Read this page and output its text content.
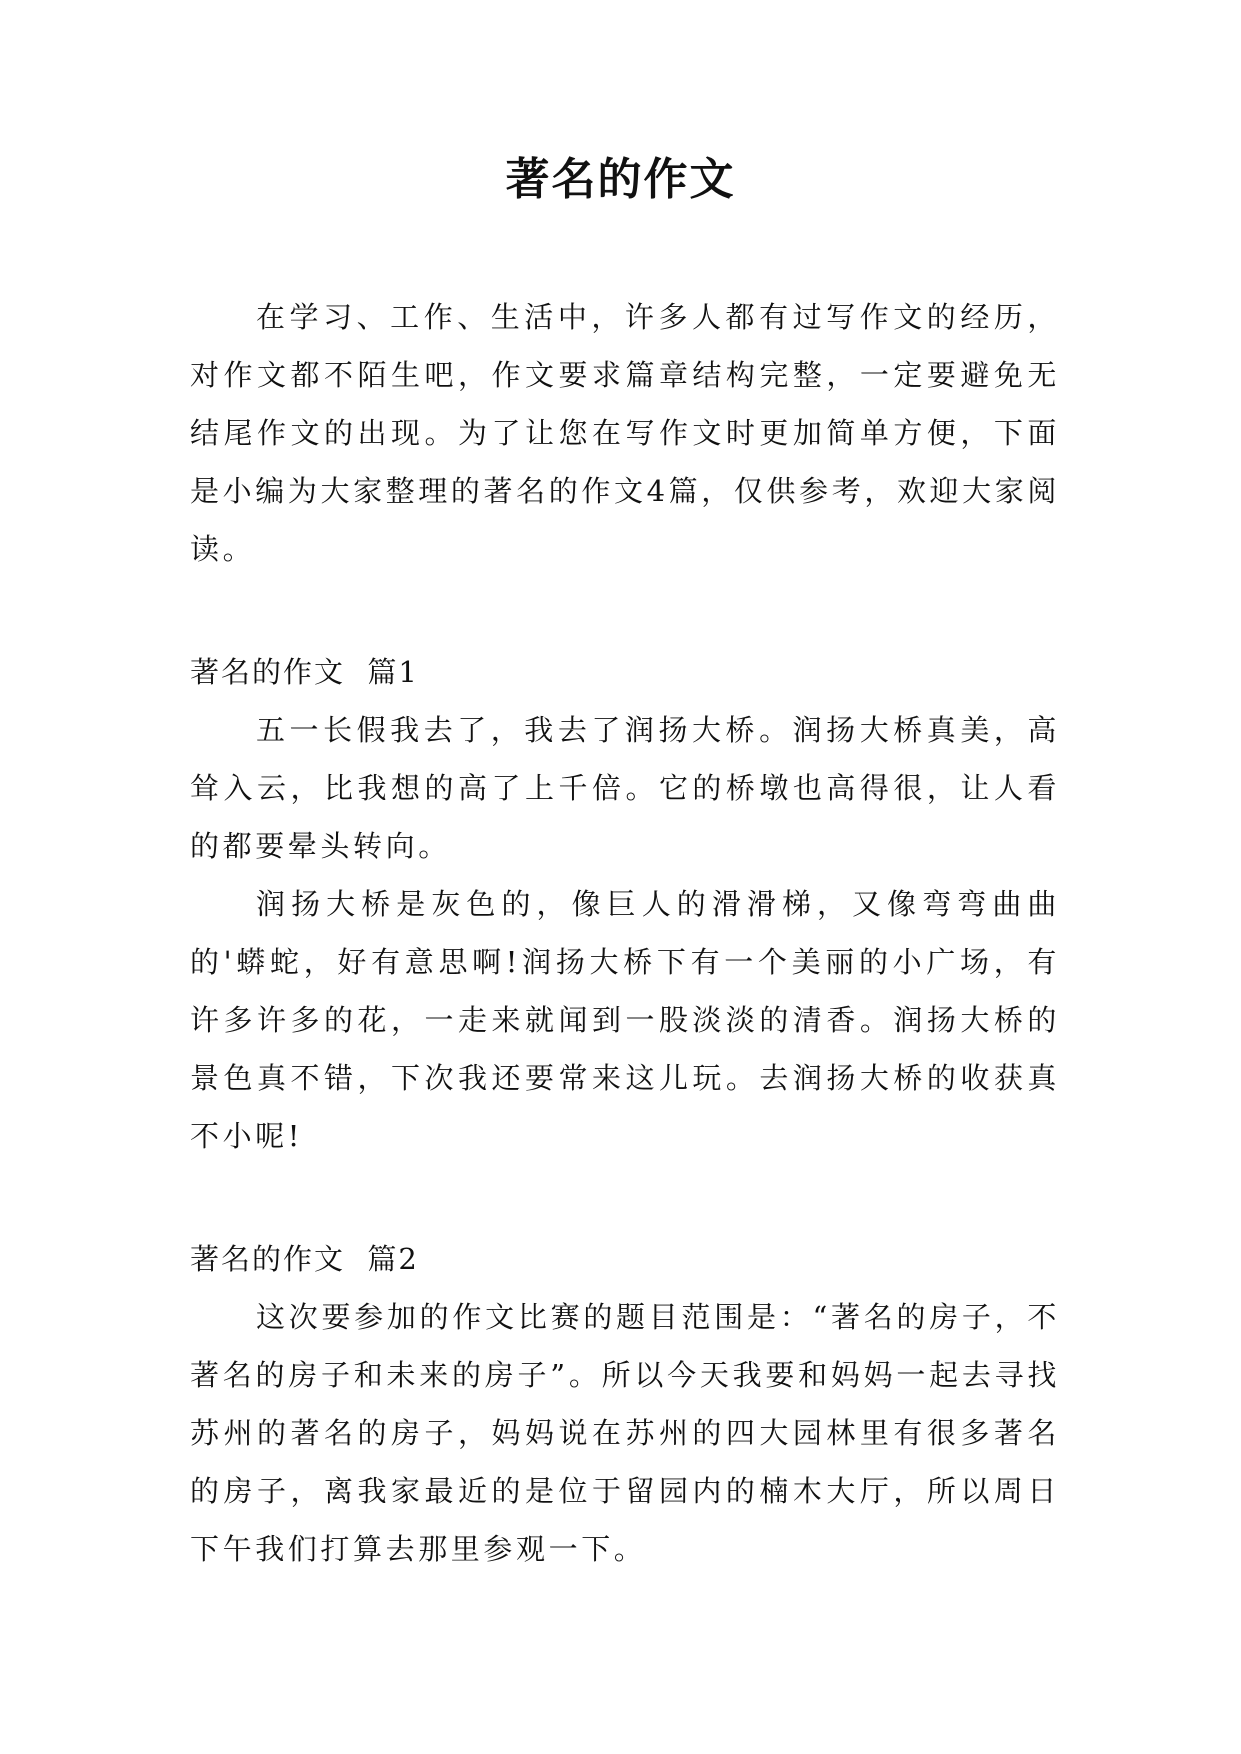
著名的作文

在学习、工作、生活中，许多人都有过写作文的经历，对作文都不陌生吧，作文要求篇章结构完整，一定要避免无结尾作文的出现。为了让您在写作文时更加简单方便，下面是小编为大家整理的著名的作文4篇，仅供参考，欢迎大家阅读。

著名的作文  篇1

五一长假我去了，我去了润扬大桥。润扬大桥真美，高耸入云，比我想的高了上千倍。它的桥墩也高得很，让人看的都要晕头转向。

润扬大桥是灰色的，像巨人的滑滑梯，又像弯弯曲曲的'蟒蛇，好有意思啊!润扬大桥下有一个美丽的小广场，有许多许多的花，一走来就闻到一股淡淡的清香。润扬大桥的景色真不错，下次我还要常来这儿玩。去润扬大桥的收获真不小呢!

著名的作文  篇2

这次要参加的作文比赛的题目范围是：“著名的房子，不著名的房子和未来的房子”。所以今天我要和妈妈一起去寻找苏州的著名的房子，妈妈说在苏州的四大园林里有很多著名的房子，离我家最近的是位于留园内的楠木大厅，所以周日下午我们打算去那里参观一下。
